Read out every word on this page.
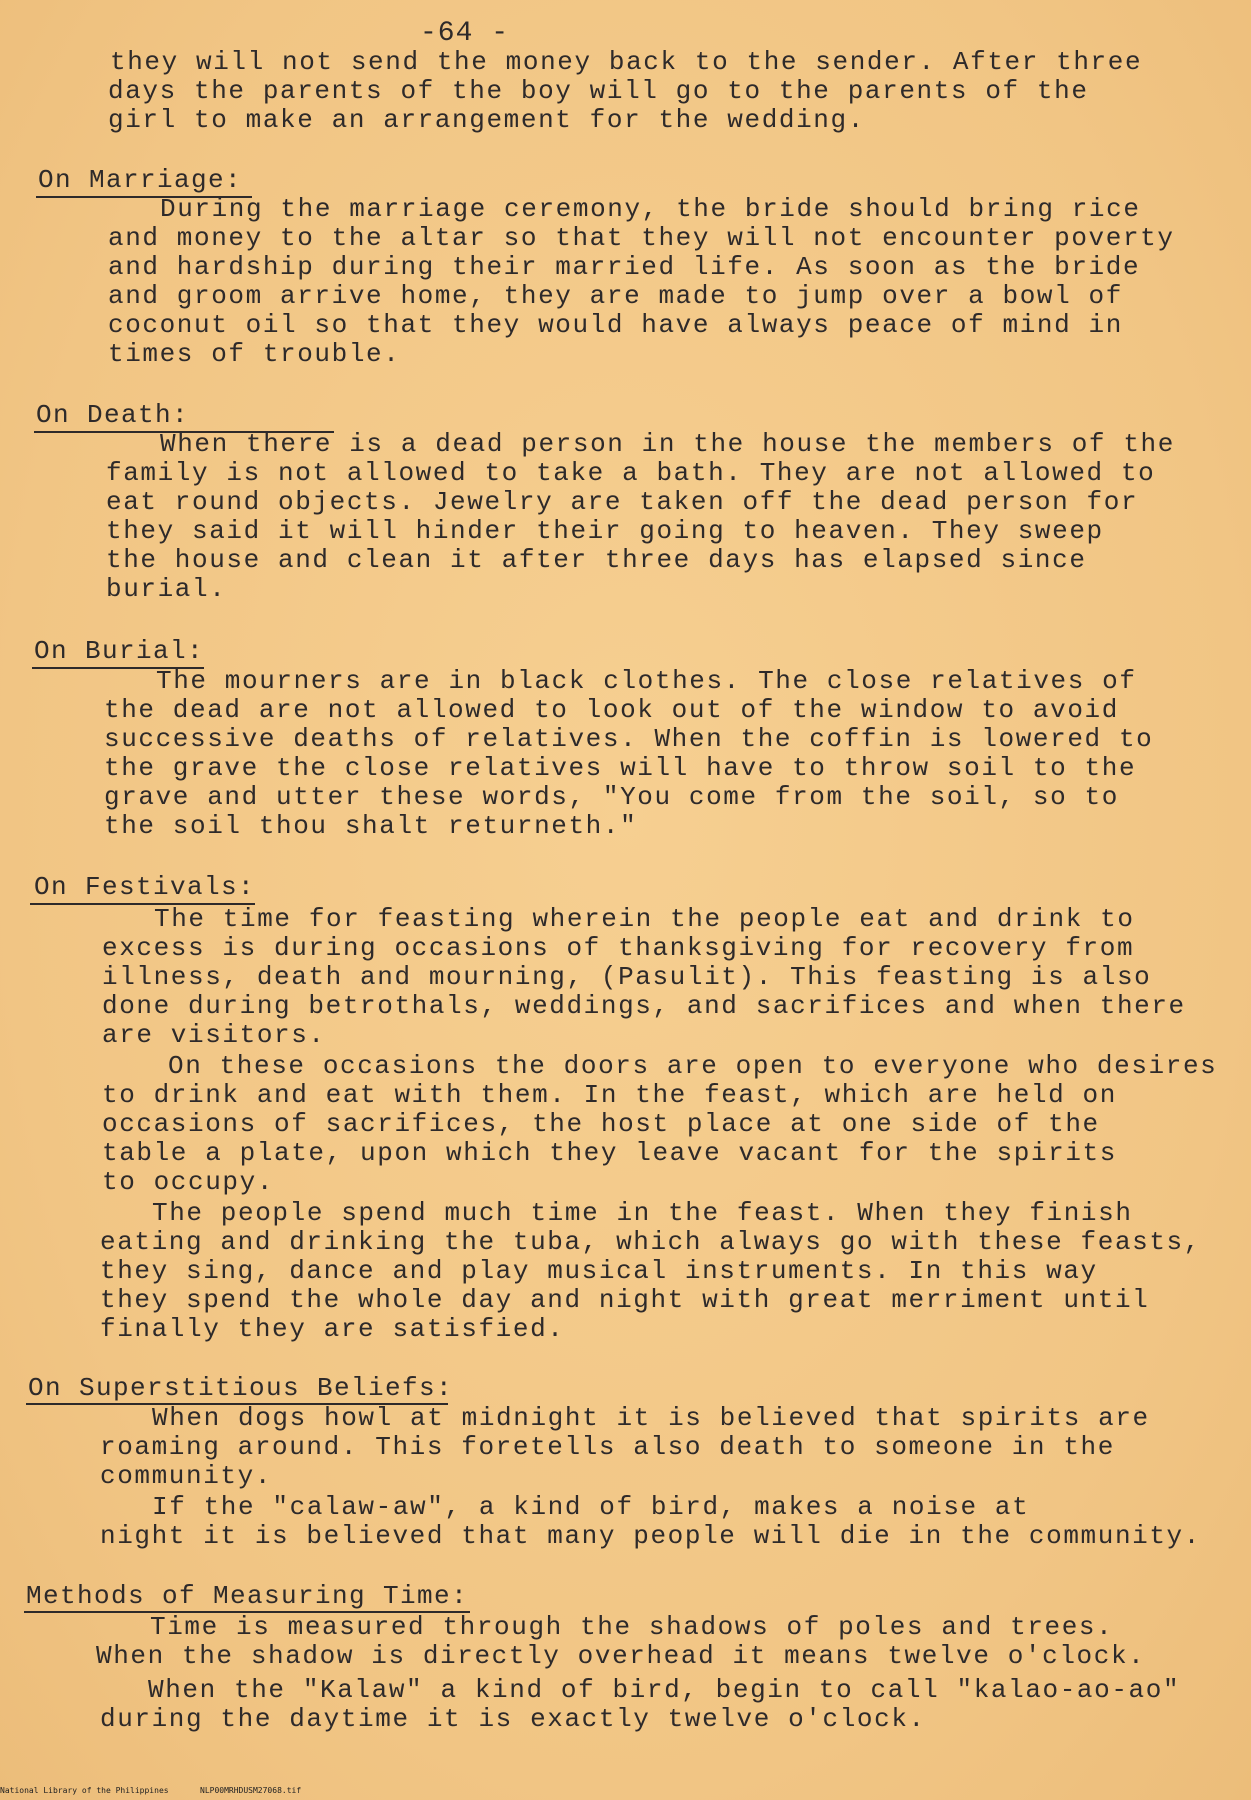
-64 -
they will not send the money back to the sender. After three
days the parents of the boy will go to the parents of the
girl to make an arrangement for the wedding.
On Marriage:
During the marriage ceremony, the bride should bring rice
and money to the altar so that they will not encounter poverty
and hardship during their married life. As soon as the bride
and groom arrive home, they are made to jump over a bowl of
coconut oil so that they would have always peace of mind in
times of trouble.
On Death:
When there is a dead person in the house the members of the
family is not allowed to take a bath. They are not allowed to
eat round objects. Jewelry are taken off the dead person for
they said it will hinder their going to heaven. They sweep
the house and clean it after three days has elapsed since
burial.
On Burial:
The mourners are in black clothes. The close relatives of
the dead are not allowed to look out of the window to avoid
successive deaths of relatives. When the coffin is lowered to
the grave the close relatives will have to throw soil to the
grave and utter these words, "You come from the soil, so to
the soil thou shalt returneth."
On Festivals:
The time for feasting wherein the people eat and drink to
excess is during occasions of thanksgiving for recovery from
illness, death and mourning, (Pasulit). This feasting is also
done during betrothals, weddings, and sacrifices and when there
are visitors.
On these occasions the doors are open to everyone who desires
to drink and eat with them. In the feast, which are held on
occasions of sacrifices, the host place at one side of the
table a plate, upon which they leave vacant for the spirits
to occupy.
The people spend much time in the feast. When they finish
eating and drinking the tuba, which always go with these feasts,
they sing, dance and play musical instruments. In this way
they spend the whole day and night with great merriment until
finally they are satisfied.
On Superstitious Beliefs:
When dogs howl at midnight it is believed that spirits are
roaming around. This foretells also death to someone in the
community.
If the "calaw-aw", a kind of bird, makes a noise at
night it is believed that many people will die in the community.
Methods of Measuring Time:
Time is measured through the shadows of poles and trees.
When the shadow is directly overhead it means twelve o'clock.
When the "Kalaw" a kind of bird, begin to call "kalao-ao-ao"
during the daytime it is exactly twelve o'clock.
National Library of the Philippines	NLP00MRHDUSM27068.tif
